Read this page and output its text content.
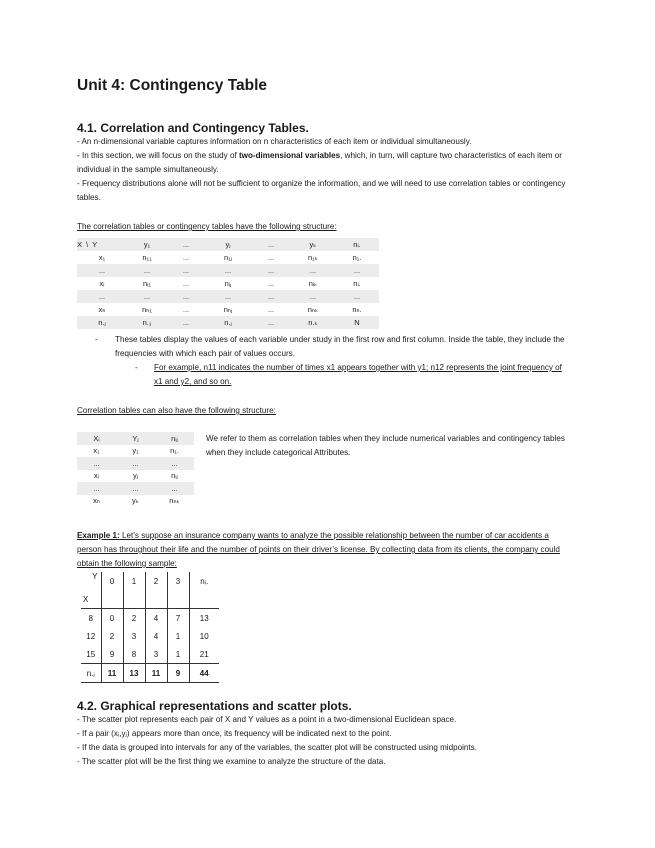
Unit 4: Contingency Table
4.1. Correlation and Contingency Tables.

- An n-dimensional variable captures information on n characteristics of each item or individual simultaneously.

- In this section, we will focus on the study of two-dimensional variables, which, in turn, will capture two characteristics of each item or individual in the sample simultaneously.

- Frequency distributions alone will not be sufficient to organize the information, and we will need to use correlation tables or contingency tables.

The correlation tables or contingency tables have the following structure:
X  \  Y	y₁	...	yⱼ	...	yₖ	nᵢ.
x₁	n₁₁	...	n₁ⱼ	...	n₁ₖ	n₁.
...	...	...	...	...	...	...
xᵢ	nᵢ₁	...	nᵢⱼ	...	nᵢₖ	nᵢ.
...	...	...	...	...	...	...
xₕ	nₕ₁	...	nₕⱼ	...	nₕₖ	nₕ.
n.ⱼ	n.₁	...	n.ⱼ	...	n.ₖ	N
- These tables display the values of each variable under study in the first row and first column. Inside the table, they include the frequencies with which each pair of values occurs.
- For example, n11 indicates the number of times x1 appears together with y1; n12 represents the joint frequency of x1 and y2, and so on.
Correlation tables can also have the following structure:
Xᵢ	Yⱼ	nᵢⱼ
x₁	y₁	n₁.
...	...	...
xᵢ	yⱼ	nᵢⱼ
...	...	...
xₕ	yₖ	nₕₖ
We refer to them as correlation tables when they include numerical variables and contingency tables when they include categorical Attributes.
Example 1: Let’s suppose an insurance company wants to analyze the possible relationship between the number of car accidents a person has throughout their life and the number of points on their driver’s license. By collecting data from its clients, the company could obtain the following sample:
Y	0	1	2	3	nᵢ.
X					
8	0	2	4	7	13
12	2	3	4	1	10
15	9	8	3	1	21
n.ⱼ	11	13	11	9	44
4.2. Graphical representations and scatter plots.

- The scatter plot represents each pair of X and Y values as a point in a two-dimensional Euclidean space.

- If a pair (xᵢ,yⱼ) appears more than once, its frequency will be indicated next to the point.

- If the data is grouped into intervals for any of the variables, the scatter plot will be constructed using midpoints.

- The scatter plot will be the first thing we examine to analyze the structure of the data.
